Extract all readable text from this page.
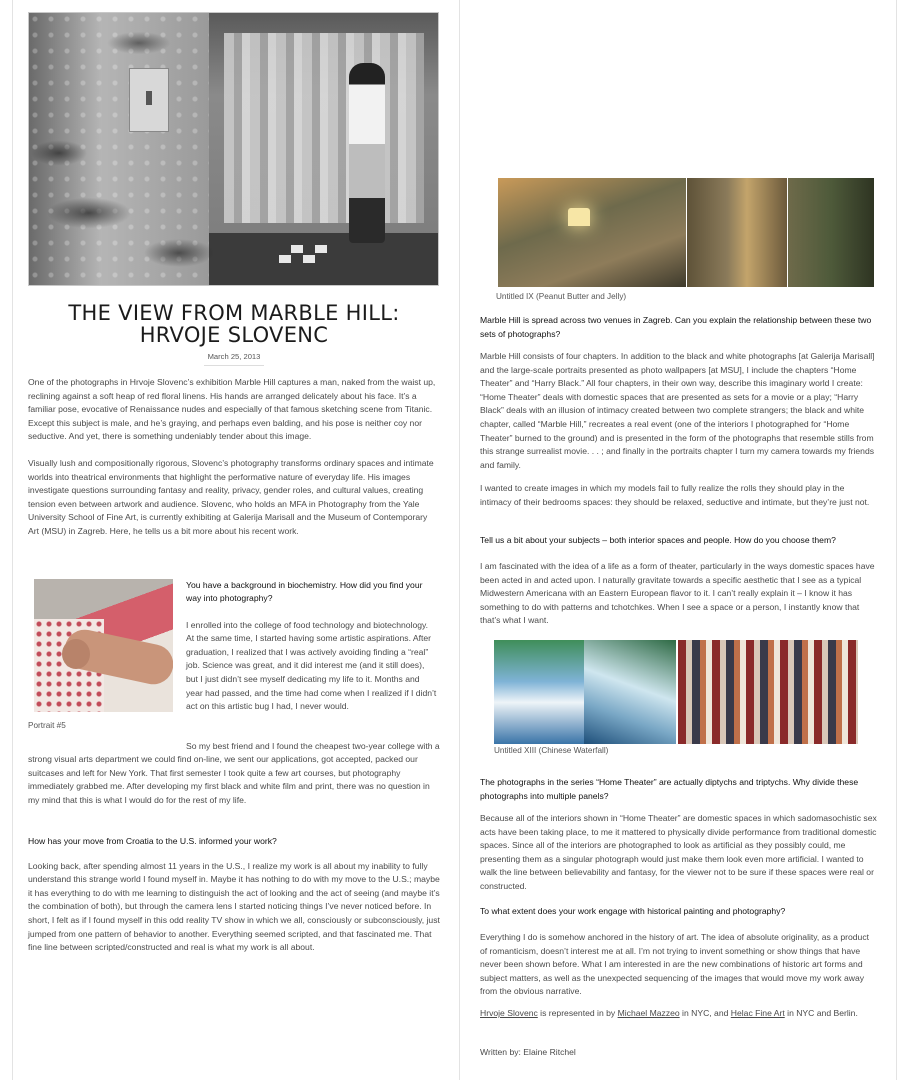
THE VIEW FROM MARBLE HILL: HRVOJE SLOVENC
March 25, 2013

One of the photographs in Hrvoje Slovenc’s exhibition Marble Hill captures a man, naked from the waist up, reclining against a soft heap of red floral linens. His hands are arranged delicately about his face. It’s a familiar pose, evocative of Renaissance nudes and especially of that famous sketching scene from Titanic. Except this subject is male, and he’s graying, and perhaps even balding, and his pose is neither coy nor seductive. And yet, there is something undeniably tender about this image.

Visually lush and compositionally rigorous, Slovenc’s photography transforms ordinary spaces and intimate worlds into theatrical environments that highlight the performative nature of everyday life. His images investigate questions surrounding fantasy and reality, privacy, gender roles, and cultural values, creating tension even between artwork and audience. Slovenc, who holds an MFA in Photography from the Yale University School of Fine Art, is currently exhibiting at Galerija Marisall and the Museum of Contemporary Art (MSU) in Zagreb. Here, he tells us a bit more about his recent work.

Portrait #5

You have a background in biochemistry. How did you find your way into photography?

I enrolled into the college of food technology and biotechnology. At the same time, I started having some artistic aspirations. After graduation, I realized that I was actively avoiding finding a “real” job. Science was great, and it did interest me (and it still does), but I just didn’t see myself dedicating my life to it. Months and year had passed, and the time had come when I realized if I didn’t act on this artistic bug I had, I never would.

So my best friend and I found the cheapest two-year college with a strong visual arts department we could find on-line, we sent our applications, got accepted, packed our suitcases and left for New York. That first semester I took quite a few art courses, but photography immediately grabbed me. After developing my first black and white film and print, there was no question in my mind that this is what I would do for the rest of my life.

How has your move from Croatia to the U.S. informed your work?

Looking back, after spending almost 11 years in the U.S., I realize my work is all about my inability to fully understand this strange world I found myself in. Maybe it has nothing to do with my move to the U.S.; maybe it has everything to do with me learning to distinguish the act of looking and the act of seeing (and maybe it’s the combination of both), but through the camera lens I started noticing things I’ve never noticed before. In short, I felt as if I found myself in this odd reality TV show in which we all, consciously or subconsciously, just jumped from one pattern of behavior to another. Everything seemed scripted, and that fascinated me. That fine line between scripted/constructed and real is what my work is all about.

Untitled IX (Peanut Butter and Jelly)

Marble Hill is spread across two venues in Zagreb. Can you explain the relationship between these two sets of photographs?

Marble Hill consists of four chapters. In addition to the black and white photographs [at Galerija Marisall] and the large-scale portraits presented as photo wallpapers [at MSU], I include the chapters “Home Theater” and “Harry Black.” All four chapters, in their own way, describe this imaginary world I create: “Home Theater” deals with domestic spaces that are presented as sets for a movie or a play; “Harry Black” deals with an illusion of intimacy created between two complete strangers; the black and white chapter, called “Marble Hill,” recreates a real event (one of the interiors I photographed for “Home Theater” burned to the ground) and is presented in the form of the photographs that resemble stills from this strange surrealist movie. . . ; and finally in the portraits chapter I turn my camera towards my friends and family.

I wanted to create images in which my models fail to fully realize the rolls they should play in the intimacy of their bedrooms spaces: they should be relaxed, seductive and intimate, but they’re just not.

Tell us a bit about your subjects – both interior spaces and people. How do you choose them?

I am fascinated with the idea of a life as a form of theater, particularly in the ways domestic spaces have been acted in and acted upon. I naturally gravitate towards a specific aesthetic that I see as a typical Midwestern Americana with an Eastern European flavor to it. I can’t really explain it – I know it has something to do with patterns and tchotchkes. When I see a space or a person, I instantly know that that’s what I want.

Untitled XIII (Chinese Waterfall)

The photographs in the series “Home Theater” are actually diptychs and triptychs. Why divide these photographs into multiple panels?

Because all of the interiors shown in “Home Theater” are domestic spaces in which sadomasochistic sex acts have been taking place, to me it mattered to physically divide performance from traditional domestic spaces. Since all of the interiors are photographed to look as artificial as they possibly could, me presenting them as a singular photograph would just make them look even more artificial. I wanted to walk the line between believability and fantasy, for the viewer not to be sure if these spaces were real or constructed.

To what extent does your work engage with historical painting and photography?

Everything I do is somehow anchored in the history of art. The idea of absolute originality, as a product of romanticism, doesn’t interest me at all. I’m not trying to invent something or show things that have never been shown before. What I am interested in are the new combinations of historic art forms and subject matters, as well as the unexpected sequencing of the images that would move my work away from the obvious narrative.

Hrvoje Slovenc is represented in by Michael Mazzeo in NYC, and Helac Fine Art in NYC and Berlin.

Written by: Elaine Ritchel
